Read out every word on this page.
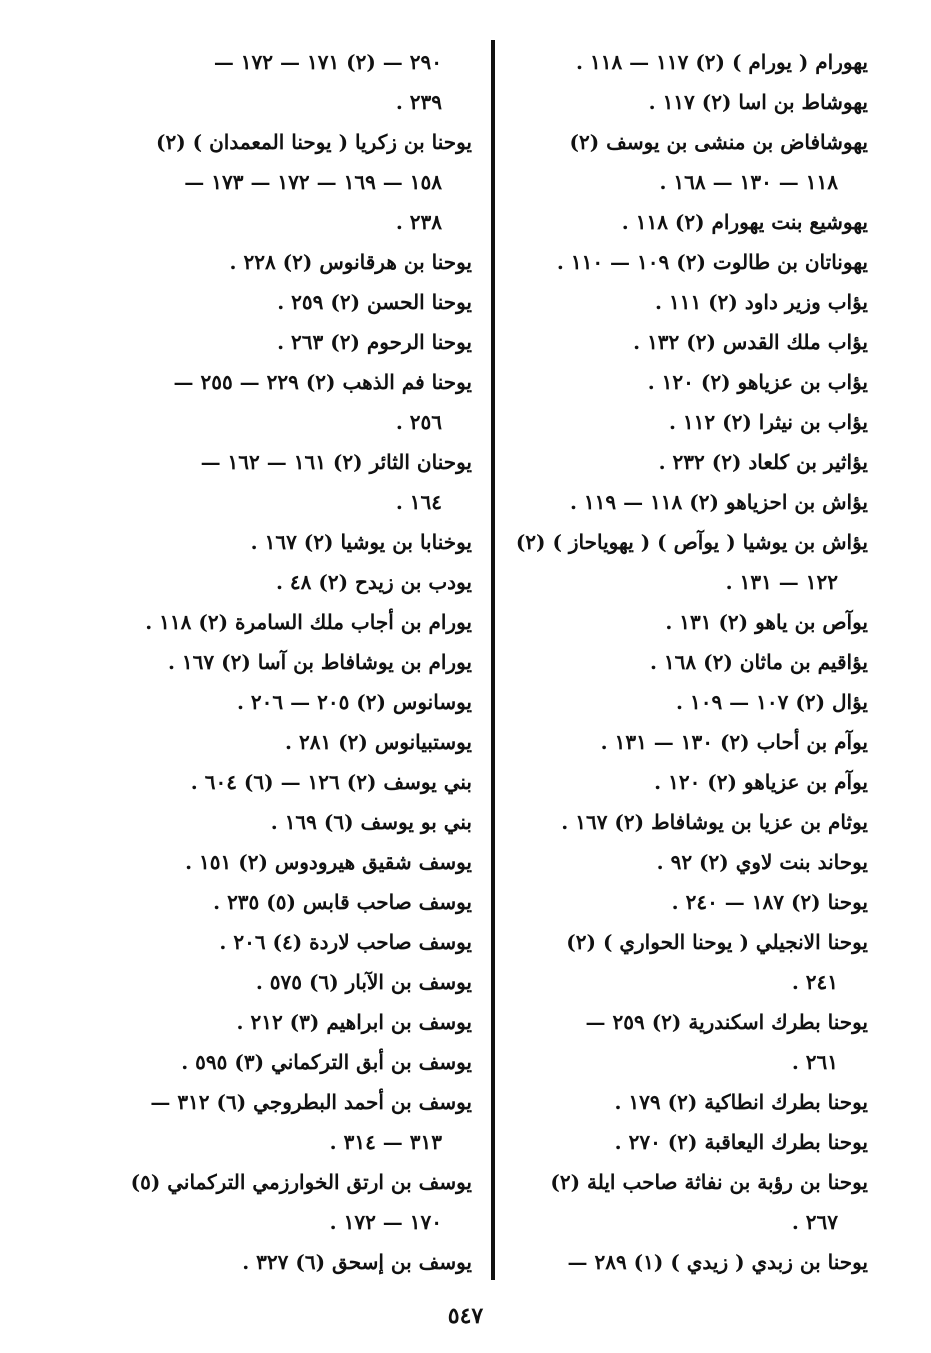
يهورام ( يورام ) (٢) ١١٧ — ١١٨ .
يهوشاط بن اسا (٢) ١١٧ .
يهوشافاض بن منشى بن يوسف (٢)
١١٨ — ١٣٠ — ١٦٨ .
يهوشيع بنت يهورام (٢) ١١٨ .
يهوناتان بن طالوت (٢) ١٠٩ — ١١٠ .
يؤاب وزير داود (٢) ١١١ .
يؤاب ملك القدس (٢) ١٣٢ .
يؤاب بن عزياهو (٢) ١٢٠ .
يؤاب بن نيثرا (٢) ١١٢ .
يؤاثير بن كلعاد (٢) ٢٣٢ .
يؤاش بن احزياهو (٢) ١١٨ — ١١٩ .
يؤاش بن يوشيا ( يوآص ) ( يهوياحاز ) (٢)
١٢٢ — ١٣١ .
يوآص بن ياهو (٢) ١٣١ .
يؤاقيم بن ماثان (٢) ١٦٨ .
يؤال (٢) ١٠٧ — ١٠٩ .
يوآم بن أحاب (٢) ١٣٠ — ١٣١ .
يوآم بن عزياهو (٢) ١٢٠ .
يوثام بن عزيا بن يوشافاط (٢) ١٦٧ .
يوحاند بنت لاوي (٢) ٩٢ .
يوحنا (٢) ١٨٧ — ٢٤٠ .
يوحنا الانجيلي ( يوحنا الحواري ) (٢)
٢٤١ .
يوحنا بطرك اسكندرية (٢) ٢٥٩ —
٢٦١ .
يوحنا بطرك انطاكية (٢) ١٧٩ .
يوحنا بطرك اليعاقبة (٢) ٢٧٠ .
يوحنا بن رؤبة بن نفاثة صاحب ايلة (٢)
٢٦٧ .
يوحنا بن زبدي ( زيدي ) (١) ٢٨٩ —
٢٩٠ — (٢) ١٧١ — ١٧٢ —
٢٣٩ .
يوحنا بن زكريا ( يوحنا المعمدان ) (٢)
١٥٨ — ١٦٩ — ١٧٢ — ١٧٣ —
٢٣٨ .
يوحنا بن هرقانوس (٢) ٢٢٨ .
يوحنا الحسن (٢) ٢٥٩ .
يوحنا الرحوم (٢) ٢٦٣ .
يوحنا فم الذهب (٢) ٢٢٩ — ٢٥٥ —
٢٥٦ .
يوحنان الثائر (٢) ١٦١ — ١٦٢ —
١٦٤ .
يوخنابا بن يوشيا (٢) ١٦٧ .
يودب بن زيدح (٢) ٤٨ .
يورام بن أجاب ملك السامرة (٢) ١١٨ .
يورام بن يوشافاط بن آسا (٢) ١٦٧ .
يوسانوس (٢) ٢٠٥ — ٢٠٦ .
يوستبيانوس (٢) ٢٨١ .
بني يوسف (٢) ١٢٦ — (٦) ٦٠٤ .
بني بو يوسف (٦) ١٦٩ .
يوسف شقيق هيرودوس (٢) ١٥١ .
يوسف صاحب قابس (٥) ٢٣٥ .
يوسف صاحب لاردة (٤) ٢٠٦ .
يوسف بن الآبار (٦) ٥٧٥ .
يوسف بن ابراهيم (٣) ٢١٢ .
يوسف بن أبق التركماني (٣) ٥٩٥ .
يوسف بن أحمد البطروجي (٦) ٣١٢ —
٣١٣ — ٣١٤ .
يوسف بن ارتق الخوارزمي التركماني (٥)
١٧٠ — ١٧٢ .
يوسف بن إسحق (٦) ٣٢٧ .
٥٤٧
